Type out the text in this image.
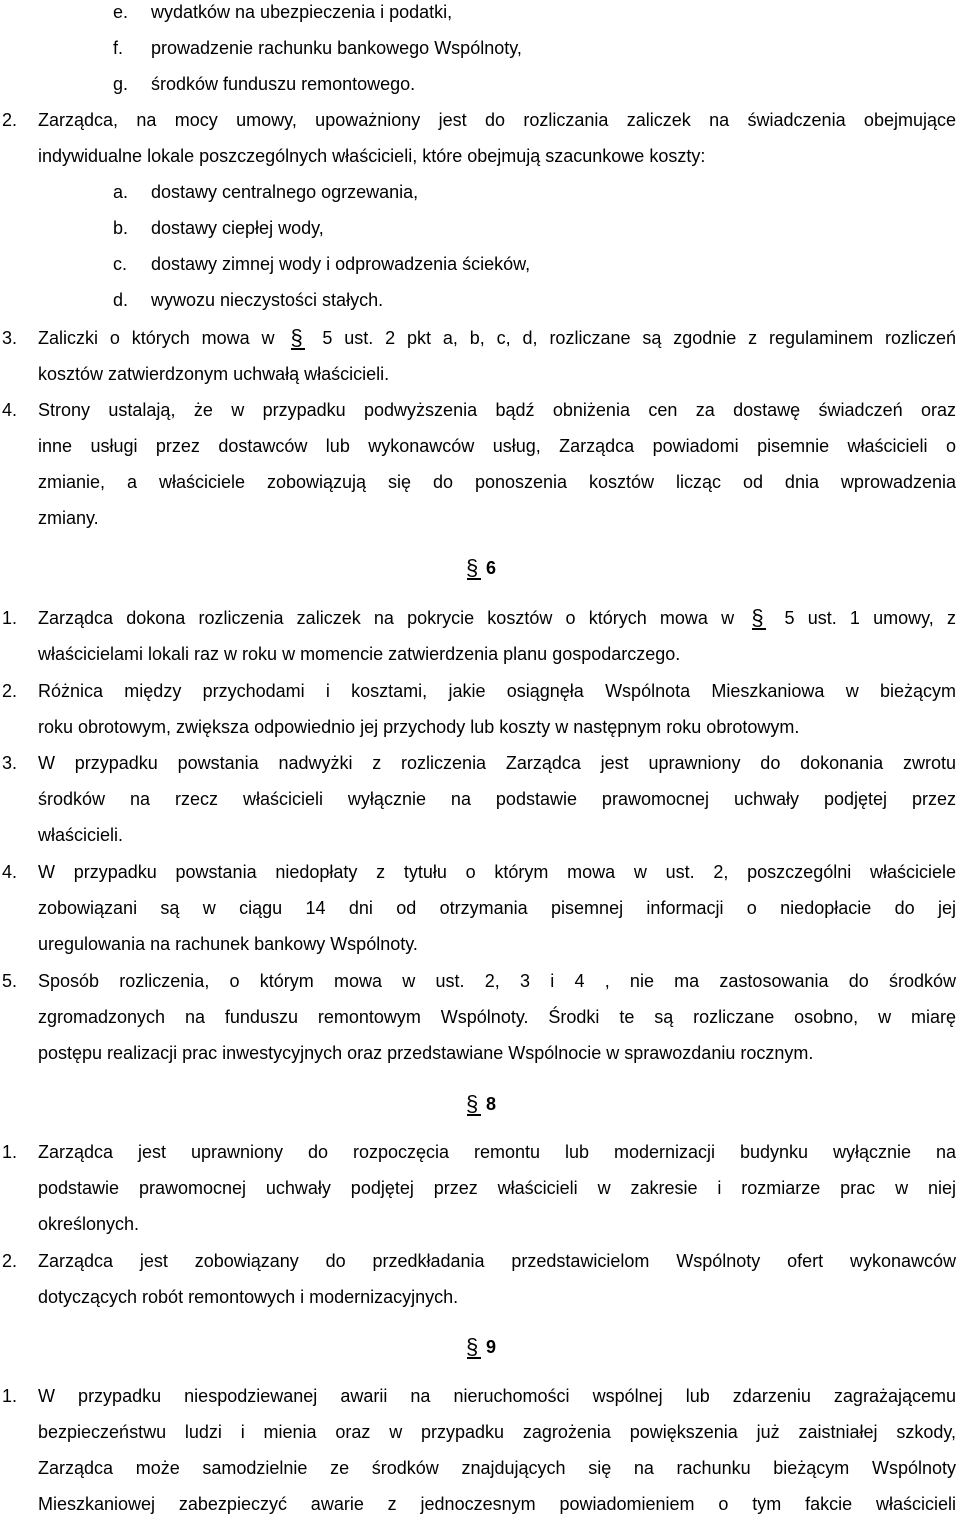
e. wydatków na ubezpieczenia i podatki,
f. prowadzenie rachunku bankowego Wspólnoty,
g. środków funduszu remontowego.
2. Zarządca, na mocy umowy, upoważniony jest do rozliczania zaliczek na świadczenia obejmujące
indywidualne lokale poszczególnych właścicieli, które obejmują szacunkowe koszty:
a. dostawy centralnego ogrzewania,
b. dostawy ciepłej wody,
c. dostawy zimnej wody i odprowadzenia ścieków,
d. wywozu nieczystości stałych.
3. Zaliczki o których mowa w §	5 ust. 2 pkt a, b, c, d, rozliczane są zgodnie z regulaminem rozliczeń
kosztów zatwierdzonym uchwałą właścicieli.
4. Strony ustalają, że w przypadku podwyższenia bądź obniżenia cen za dostawę świadczeń oraz
inne usługi przez dostawców lub wykonawców usług, Zarządca powiadomi pisemnie właścicieli o
zmianie, a właściciele zobowiązują się do ponoszenia kosztów licząc od dnia wprowadzenia
zmiany.
§6
1. Zarządca dokona rozliczenia zaliczek na pokrycie kosztów o których mowa w §	5 ust. 1 umowy, z
właścicielami lokali raz w roku w momencie zatwierdzenia planu gospodarczego.
2. Różnica między przychodami i kosztami, jakie osiągnęła Wspólnota Mieszkaniowa w bieżącym
roku obrotowym, zwiększa odpowiednio jej przychody lub koszty w następnym roku obrotowym.
3. W przypadku powstania nadwyżki z rozliczenia Zarządca jest uprawniony do dokonania zwrotu
środków na rzecz właścicieli wyłącznie na podstawie prawomocnej uchwały podjętej przez
właścicieli.
4. W przypadku powstania niedopłaty z tytułu o którym mowa w ust. 2, poszczególni właściciele
zobowiązani są w ciągu 14 dni od otrzymania pisemnej informacji o niedopłacie do jej
uregulowania na rachunek bankowy Wspólnoty.
5. Sposób rozliczenia, o którym mowa w ust. 2, 3 i 4 , nie ma zastosowania do środków
zgromadzonych na funduszu remontowym Wspólnoty. Środki te są rozliczane osobno, w miarę
postępu realizacji prac inwestycyjnych oraz przedstawiane Wspólnocie w sprawozdaniu rocznym.
§8
1. Zarządca jest uprawniony do rozpoczęcia remontu lub modernizacji budynku wyłącznie na
podstawie prawomocnej uchwały podjętej przez właścicieli w zakresie i rozmiarze prac w niej
określonych.
2. Zarządca jest zobowiązany do przedkładania przedstawicielom Wspólnoty ofert wykonawców
dotyczących robót remontowych i modernizacyjnych.
§9
1. W przypadku niespodziewanej awarii na nieruchomości wspólnej lub zdarzeniu zagrażającemu
bezpieczeństwu ludzi i mienia oraz w przypadku zagrożenia powiększenia już zaistniałej szkody,
Zarządca może samodzielnie ze środków znajdujących się na rachunku bieżącym Wspólnoty
Mieszkaniowej zabezpieczyć awarie z jednoczesnym powiadomieniem o tym fakcie właścicieli
